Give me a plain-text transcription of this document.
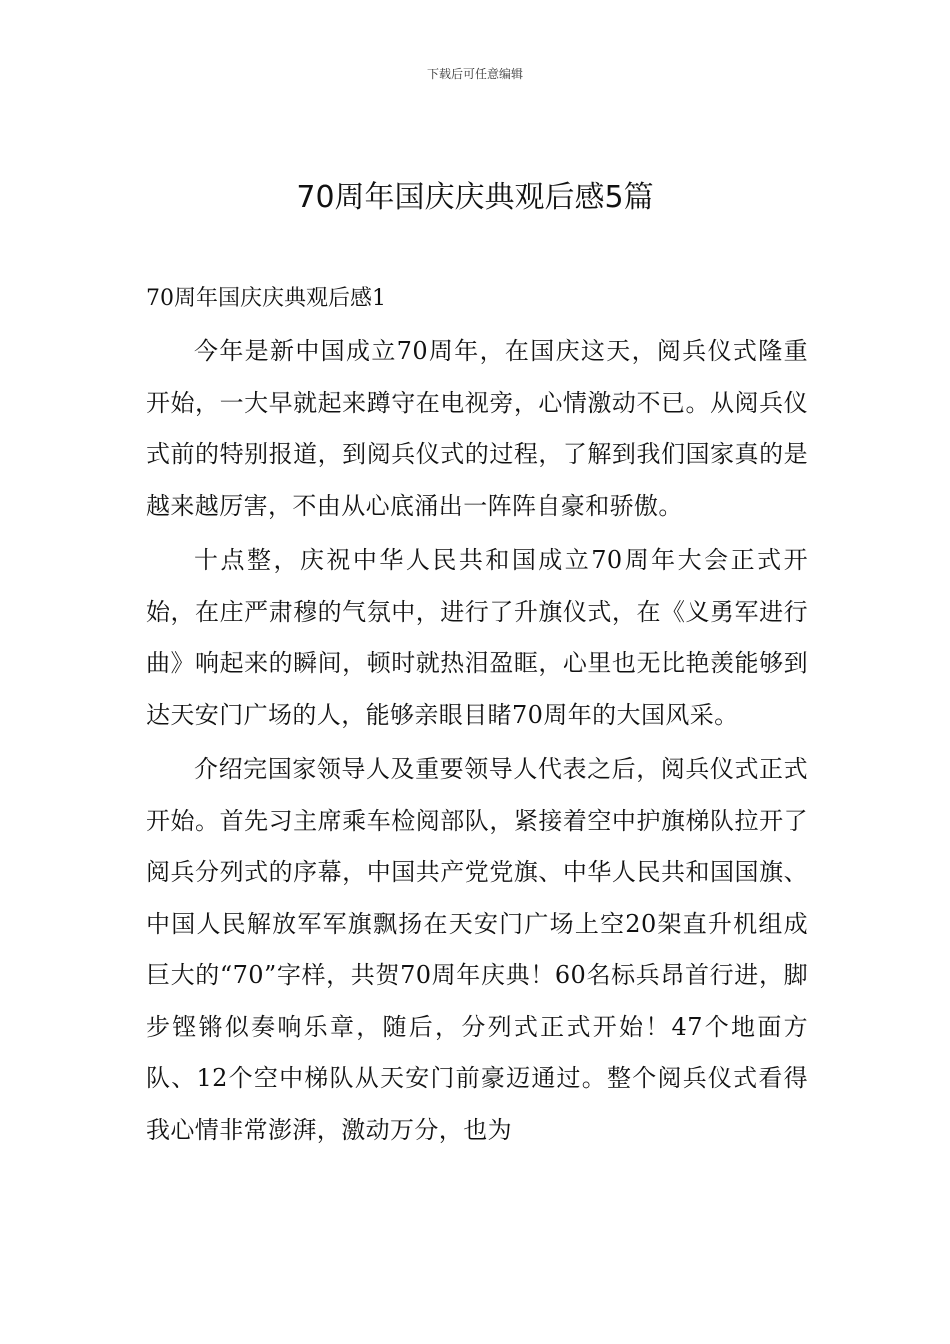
下载后可任意编辑
70周年国庆庆典观后感5篇
70周年国庆庆典观后感1

今年是新中国成立70周年，在国庆这天，阅兵仪式隆重开始，一大早就起来蹲守在电视旁，心情激动不已。从阅兵仪式前的特别报道，到阅兵仪式的过程，了解到我们国家真的是越来越厉害，不由从心底涌出一阵阵自豪和骄傲。

十点整，庆祝中华人民共和国成立70周年大会正式开始，在庄严肃穆的气氛中，进行了升旗仪式，在《义勇军进行曲》响起来的瞬间，顿时就热泪盈眶，心里也无比艳羡能够到达天安门广场的人，能够亲眼目睹70周年的大国风采。

介绍完国家领导人及重要领导人代表之后，阅兵仪式正式开始。首先习主席乘车检阅部队，紧接着空中护旗梯队拉开了阅兵分列式的序幕，中国共产党党旗、中华人民共和国国旗、中国人民解放军军旗飘扬在天安门广场上空20架直升机组成巨大的“70”字样，共贺70周年庆典！60名标兵昂首行进，脚步铿锵似奏响乐章，随后，分列式正式开始！47个地面方队、12个空中梯队从天安门前豪迈通过。整个阅兵仪式看得我心情非常澎湃，激动万分，也为
